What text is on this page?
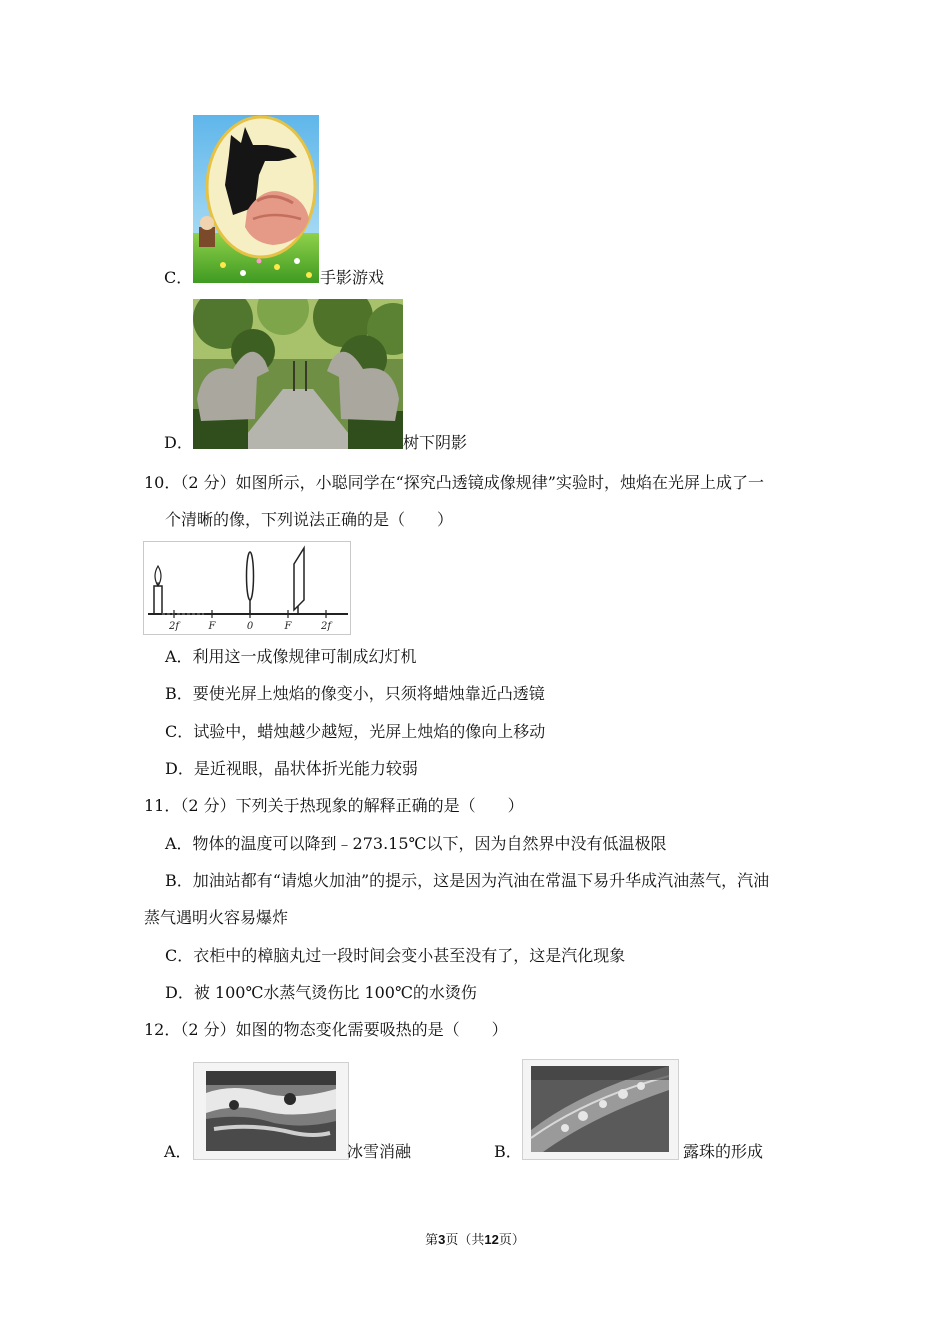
C．	手影游戏
D．	树下阴影
10．（2 分）如图所示，小聪同学在“探究凸透镜成像规律”实验时，烛焰在光屏上成了一
个清晰的像，下列说法正确的是（　　）
2f	F	0	F	2f
A．利用这一成像规律可制成幻灯机
B．要使光屏上烛焰的像变小，只须将蜡烛靠近凸透镜
C．试验中，蜡烛越少越短，光屏上烛焰的像向上移动
D．是近视眼，晶状体折光能力较弱
11．（2 分）下列关于热现象的解释正确的是（　　）
A．物体的温度可以降到﹣273.15℃以下，因为自然界中没有低温极限
B．加油站都有“请熄火加油”的提示，这是因为汽油在常温下易升华成汽油蒸气，汽油
蒸气遇明火容易爆炸
C．衣柜中的樟脑丸过一段时间会变小甚至没有了，这是汽化现象
D．被 100℃水蒸气烫伤比 100℃的水烫伤
12．（2 分）如图的物态变化需要吸热的是（　　）
A．	冰雪消融	B．	露珠的形成
第3页（共12页）
